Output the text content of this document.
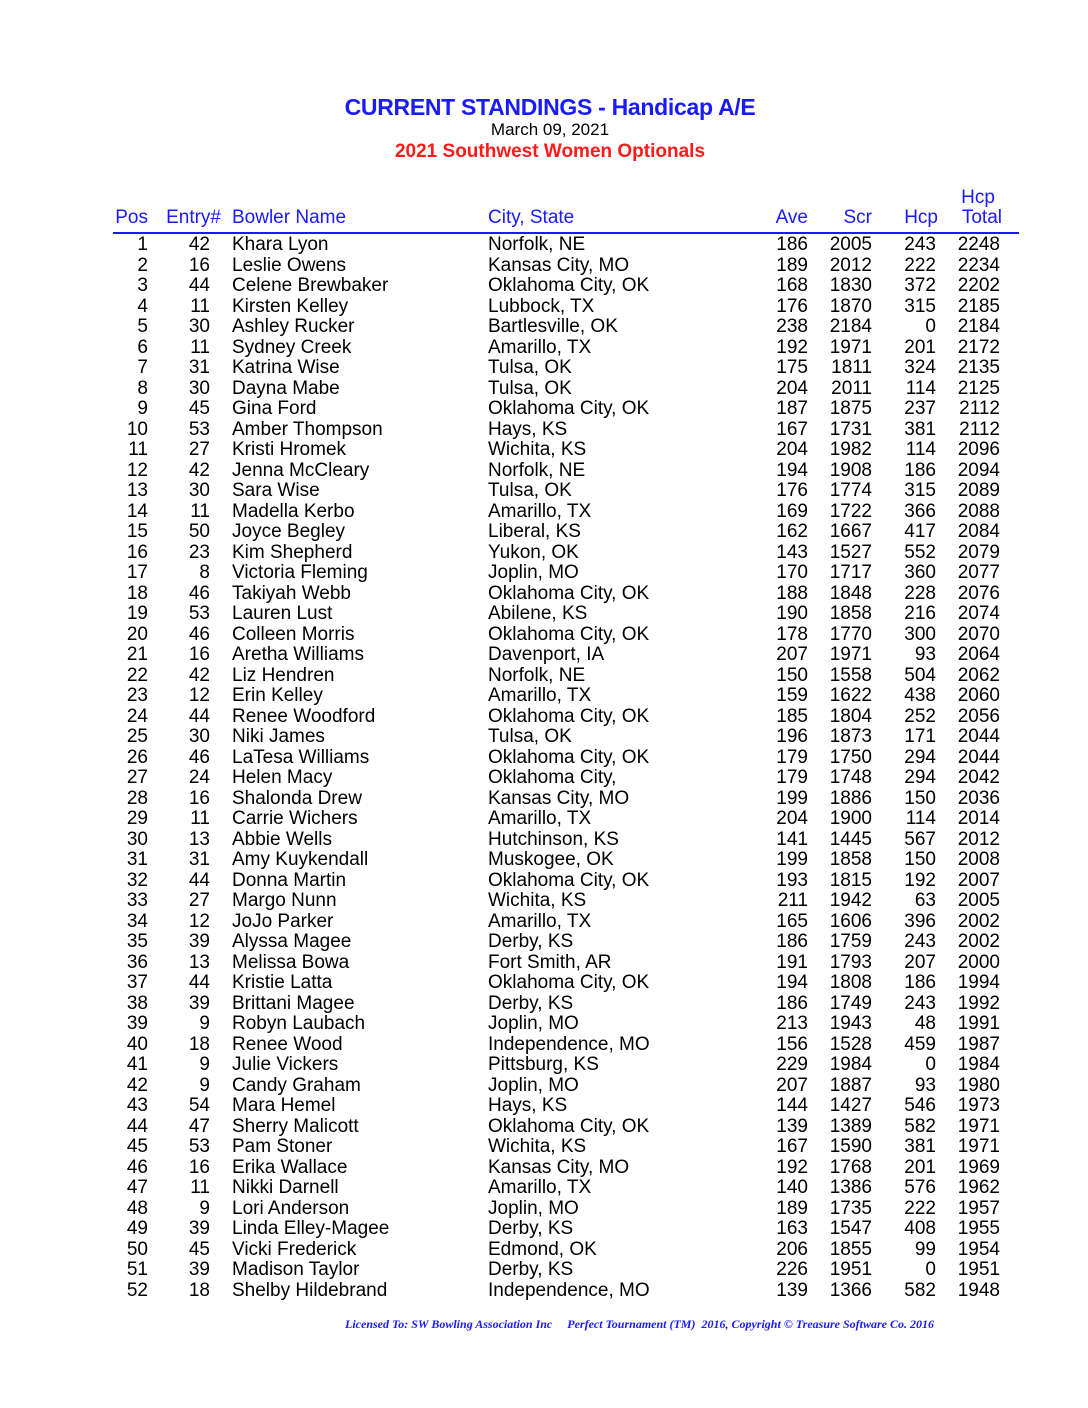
CURRENT STANDINGS - Handicap A/E
March 09, 2021
2021 Southwest Women Optionals
Pos Entry# Bowler Name	City, State	Ave Scr Hcp
Hcp
Total
1 42 Khara Lyon	Norfolk, NE	186 2005 243 2248
2 16 Leslie Owens	Kansas City, MO	189 2012 222 2234
3 44 Celene Brewbaker	Oklahoma City, OK	168 1830 372 2202
4 11 Kirsten Kelley	Lubbock, TX	176 1870 315 2185
5 30 Ashley Rucker	Bartlesville, OK	238 2184	0 2184
6 11 Sydney Creek	Amarillo, TX	192 1971 201 2172
7 31 Katrina Wise	Tulsa, OK	175 1811 324 2135
8 30 Dayna Mabe	Tulsa, OK	204 2011 114 2125
9 45 Gina Ford	Oklahoma City, OK	187 1875 237 2112
10 53 Amber Thompson	Hays, KS	167 1731 381 2112
11 27 Kristi Hromek	Wichita, KS	204 1982 114 2096
12 42 Jenna McCleary	Norfolk, NE	194 1908 186 2094
13 30 Sara Wise	Tulsa, OK	176 1774 315 2089
14 11 Madella Kerbo	Amarillo, TX	169 1722 366 2088
15 50 Joyce Begley	Liberal, KS	162 1667 417 2084
16 23 Kim Shepherd	Yukon, OK	143 1527 552 2079
17	8 Victoria Fleming	Joplin, MO	170 1717 360 2077
18 46 Takiyah Webb	Oklahoma City, OK	188 1848 228 2076
19 53 Lauren Lust	Abilene, KS	190 1858 216 2074
20 46 Colleen Morris	Oklahoma City, OK	178 1770 300 2070
21 16 Aretha Williams	Davenport, IA	207 1971 93 2064
22 42 Liz Hendren	Norfolk, NE	150 1558 504 2062
23 12 Erin Kelley	Amarillo, TX	159 1622 438 2060
24 44 Renee Woodford	Oklahoma City, OK	185 1804 252 2056
25 30 Niki James	Tulsa, OK	196 1873 171 2044
26 46 LaTesa Williams	Oklahoma City, OK	179 1750 294 2044
27 24 Helen Macy	Oklahoma City,	179 1748 294 2042
28 16 Shalonda Drew	Kansas City, MO	199 1886 150 2036
29 11 Carrie Wichers	Amarillo, TX	204 1900 114 2014
30 13 Abbie Wells	Hutchinson, KS	141 1445 567 2012
31 31 Amy Kuykendall	Muskogee, OK	199 1858 150 2008
32 44 Donna Martin	Oklahoma City, OK	193 1815 192 2007
33 27 Margo Nunn	Wichita, KS	211 1942 63 2005
34 12 JoJo Parker	Amarillo, TX	165 1606 396 2002
35 39 Alyssa Magee	Derby, KS	186 1759 243 2002
36 13 Melissa Bowa	Fort Smith, AR	191 1793 207 2000
37 44 Kristie Latta	Oklahoma City, OK	194 1808 186 1994
38 39 Brittani Magee	Derby, KS	186 1749 243 1992
39	9 Robyn Laubach	Joplin, MO	213 1943 48 1991
40 18 Renee Wood	Independence, MO	156 1528 459 1987
41	9 Julie Vickers	Pittsburg, KS	229 1984	0 1984
42	9 Candy Graham	Joplin, MO	207 1887 93 1980
43 54 Mara Hemel	Hays, KS	144 1427 546 1973
44 47 Sherry Malicott	Oklahoma City, OK	139 1389 582 1971
45 53 Pam Stoner	Wichita, KS	167 1590 381 1971
46 16 Erika Wallace	Kansas City, MO	192 1768 201 1969
47 11 Nikki Darnell	Amarillo, TX	140 1386 576 1962
48	9 Lori Anderson	Joplin, MO	189 1735 222 1957
49 39 Linda Elley-Magee	Derby, KS	163 1547 408 1955
50 45 Vicki Frederick	Edmond, OK	206 1855 99 1954
51 39 Madison Taylor	Derby, KS	226 1951	0 1951
52 18 Shelby Hildebrand	Independence, MO	139 1366 582 1948
Licensed To: SW Bowling Association Inc     Perfect Tournament (TM)  2016, Copyright © Treasure Software Co. 2016
